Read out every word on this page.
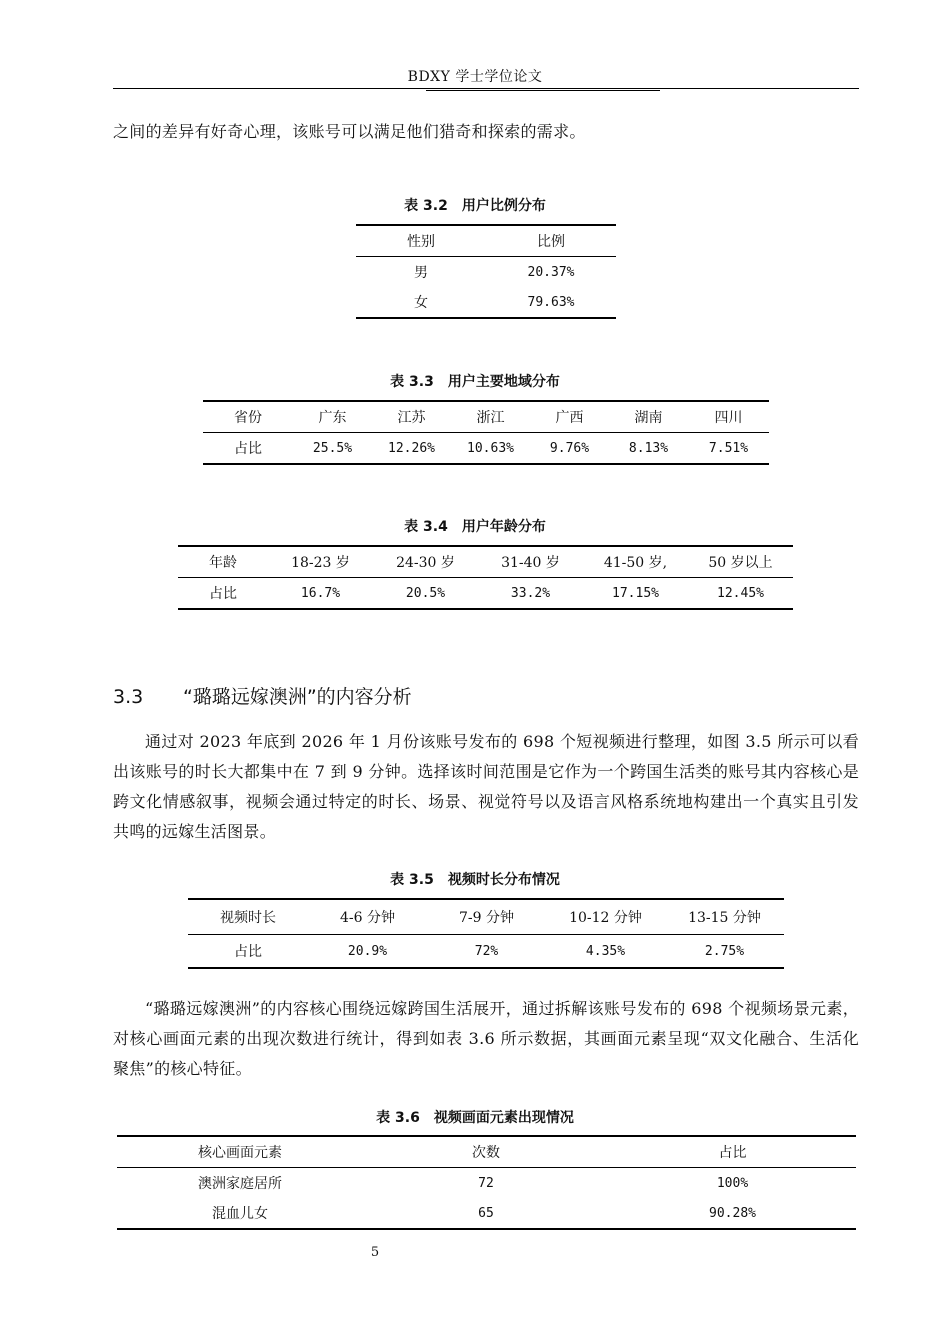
BDXY 学士学位论文
之间的差异有好奇心理，该账号可以满足他们猎奇和探索的需求。
表 3.2　用户比例分布
性别	比例
男	20.37%
女	79.63%
表 3.3　用户主要地域分布
省份	广东	江苏	浙江	广西	湖南	四川
占比	25.5%	12.26%	10.63%	9.76%	8.13%	7.51%
表 3.4　用户年龄分布
年龄	18-23 岁	24-30 岁	31-40 岁	41-50 岁,	50 岁以上
占比	16.7%	20.5%	33.2%	17.15%	12.45%
3.3 “璐璐远嫁澳洲”的内容分析
通过对 2023 年底到 2026 年 1 月份该账号发布的 698 个短视频进行整理，如图 3.5 所示可以看出该账号的时长大都集中在 7 到 9 分钟。选择该时间范围是它作为一个跨国生活类的账号其内容核心是跨文化情感叙事，视频会通过特定的时长、场景、视觉符号以及语言风格系统地构建出一个真实且引发共鸣的远嫁生活图景。
表 3.5　视频时长分布情况
视频时长	4-6 分钟	7-9 分钟	10-12 分钟	13-15 分钟
占比	20.9%	72%	4.35%	2.75%
“璐璐远嫁澳洲”的内容核心围绕远嫁跨国生活展开，通过拆解该账号发布的 698 个视频场景元素，对核心画面元素的出现次数进行统计，得到如表 3.6 所示数据，其画面元素呈现“双文化融合、生活化聚焦”的核心特征。
表 3.6　视频画面元素出现情况
核心画面元素	次数	占比
澳洲家庭居所	72	100%
混血儿女	65	90.28%
5
